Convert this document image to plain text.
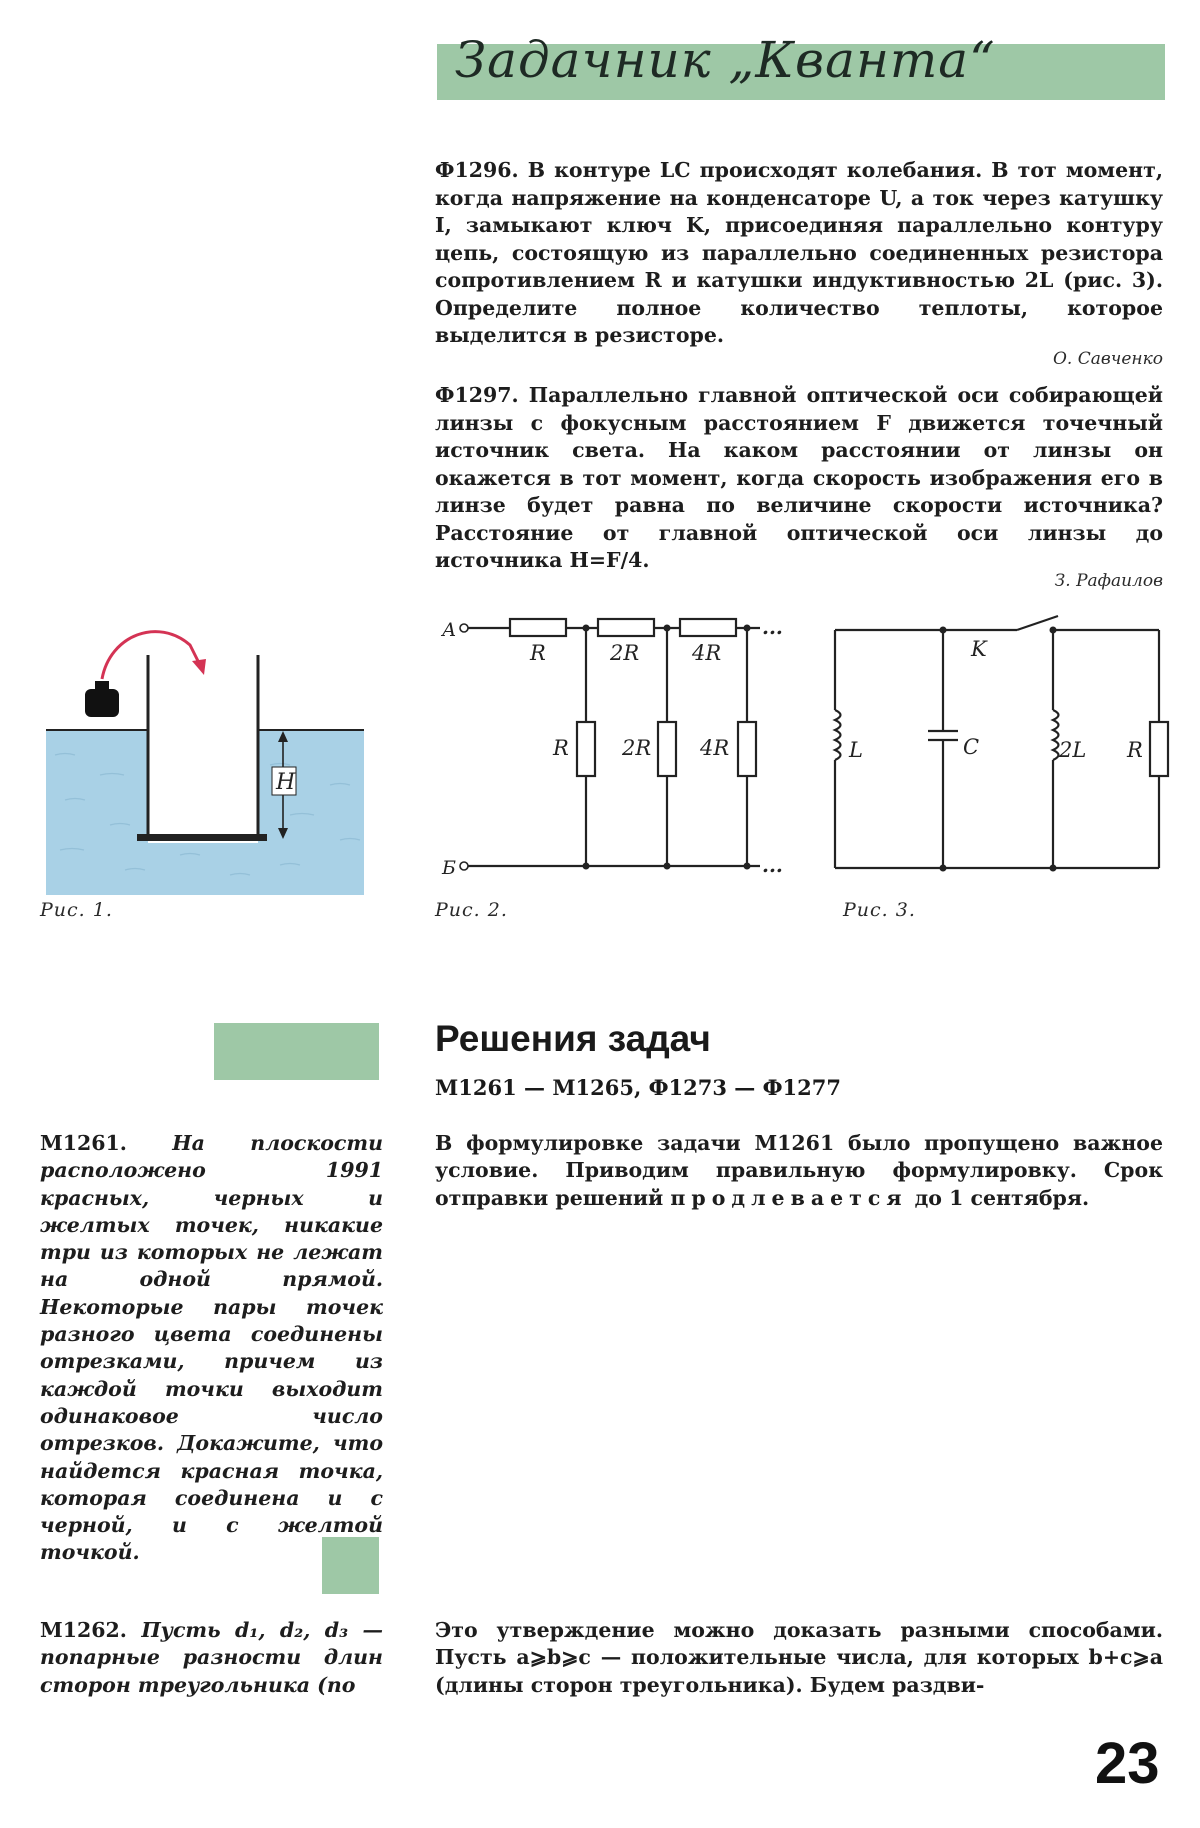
Задачник „Кванта“
Ф1296. В контуре LC происходят колебания. В тот момент, когда напряжение на конденсаторе U, а ток через катушку I, замыкают ключ K, присоединяя параллельно контуру цепь, состоящую из параллельно соединенных резистора сопротивлением R и катушки индуктивностью 2L (рис. 3). Определите полное количество теплоты, которое выделится в резисторе.
О. Савченко
Ф1297. Параллельно главной оптической оси собирающей линзы с фокусным расстоянием F движется точечный источник света. На каком расстоянии от линзы он окажется в тот момент, когда скорость изображения его в линзе будет равна по величине скорости источника? Расстояние от главной оптической оси линзы до источника H=F/4.
З. Рафаилов
H
Рис. 1.
А
Б
...
...
R	2R	4R
R	2R 4R
Рис. 2.
L	C
K
2L R
Рис. 3.
Решения задач
М1261 — М1265, Ф1273 — Ф1277
В формулировке задачи М1261 было пропущено важное условие. Приводим правильную формулировку. Срок отправки решений продлевается до 1 сентября.
М1261. На плоскости расположено 1991 красных, черных и желтых точек, никакие три из которых не лежат на одной прямой. Некоторые пары точек разного цвета соединены отрезками, причем из каждой точки выходит одинаковое число отрезков. Докажите, что найдется красная точка, которая соединена и с черной, и с желтой точкой.
М1262. Пусть d₁, d₂, d₃ — попарные разности длин сторон треугольника (по
Это утверждение можно доказать разными способами. Пусть a⩾b⩾c — положительные числа, для которых b+c⩾a (длины сторон треугольника). Будем раздви-
23
